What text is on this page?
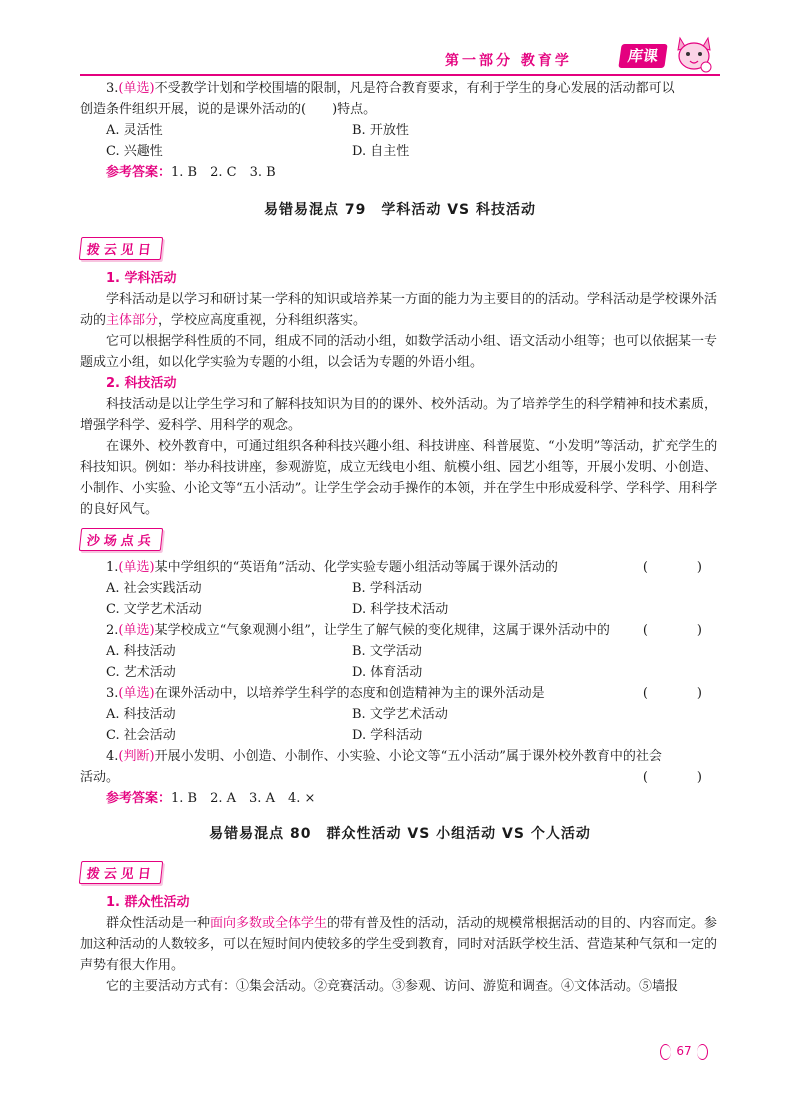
第一部分 教育学	库课

3.(单选)不受教学计划和学校围墙的限制，凡是符合教育要求，有利于学生的身心发展的活动都可以

创造条件组织开展，说的是课外活动的(　　)特点。

A. 灵活性	B. 开放性
C. 兴趣性	D. 自主性
参考答案：1. B　2. C　3. B
易错易混点 79　学科活动 VS 科技活动
拨云见日
1. 学科活动

学科活动是以学习和研讨某一学科的知识或培养某一方面的能力为主要目的的活动。学科活动是学校课外活动的主体部分，学校应高度重视，分科组织落实。

它可以根据学科性质的不同，组成不同的活动小组，如数学活动小组、语文活动小组等；也可以依据某一专题成立小组，如以化学实验为专题的小组，以会话为专题的外语小组。

2. 科技活动

科技活动是以让学生学习和了解科技知识为目的的课外、校外活动。为了培养学生的科学精神和技术素质，增强学科学、爱科学、用科学的观念。

在课外、校外教育中，可通过组织各种科技兴趣小组、科技讲座、科普展览、“小发明”等活动，扩充学生的科技知识。例如：举办科技讲座，参观游览，成立无线电小组、航模小组、园艺小组等，开展小发明、小创造、小制作、小实验、小论文等“五小活动”。让学生学会动手操作的本领，并在学生中形成爱科学、学科学、用科学的良好风气。

沙场点兵

1.(单选)某中学组织的“英语角”活动、化学实验专题小组活动等属于课外活动的	(　)

A. 社会实践活动	B. 学科活动
C. 文学艺术活动	D. 科学技术活动

2.(单选)某学校成立“气象观测小组”，让学生了解气候的变化规律，这属于课外活动中的	(　)

A. 科技活动	B. 文学活动
C. 艺术活动	D. 体育活动

3.(单选)在课外活动中，以培养学生科学的态度和创造精神为主的课外活动是	(　)

A. 科技活动	B. 文学艺术活动
C. 社会活动	D. 学科活动

4.(判断)开展小发明、小创造、小制作、小实验、小论文等“五小活动”属于课外校外教育中的社会

活动。	(　)

参考答案：1. B　2. A　3. A　4. ×
易错易混点 80　群众性活动 VS 小组活动 VS 个人活动
拨云见日
1. 群众性活动

群众性活动是一种面向多数或全体学生的带有普及性的活动，活动的规模常根据活动的目的、内容而定。参加这种活动的人数较多，可以在短时间内使较多的学生受到教育，同时对活跃学校生活、营造某种气氛和一定的声势有很大作用。

它的主要活动方式有：①集会活动。②竞赛活动。③参观、访问、游览和调查。④文体活动。⑤墙报

67
